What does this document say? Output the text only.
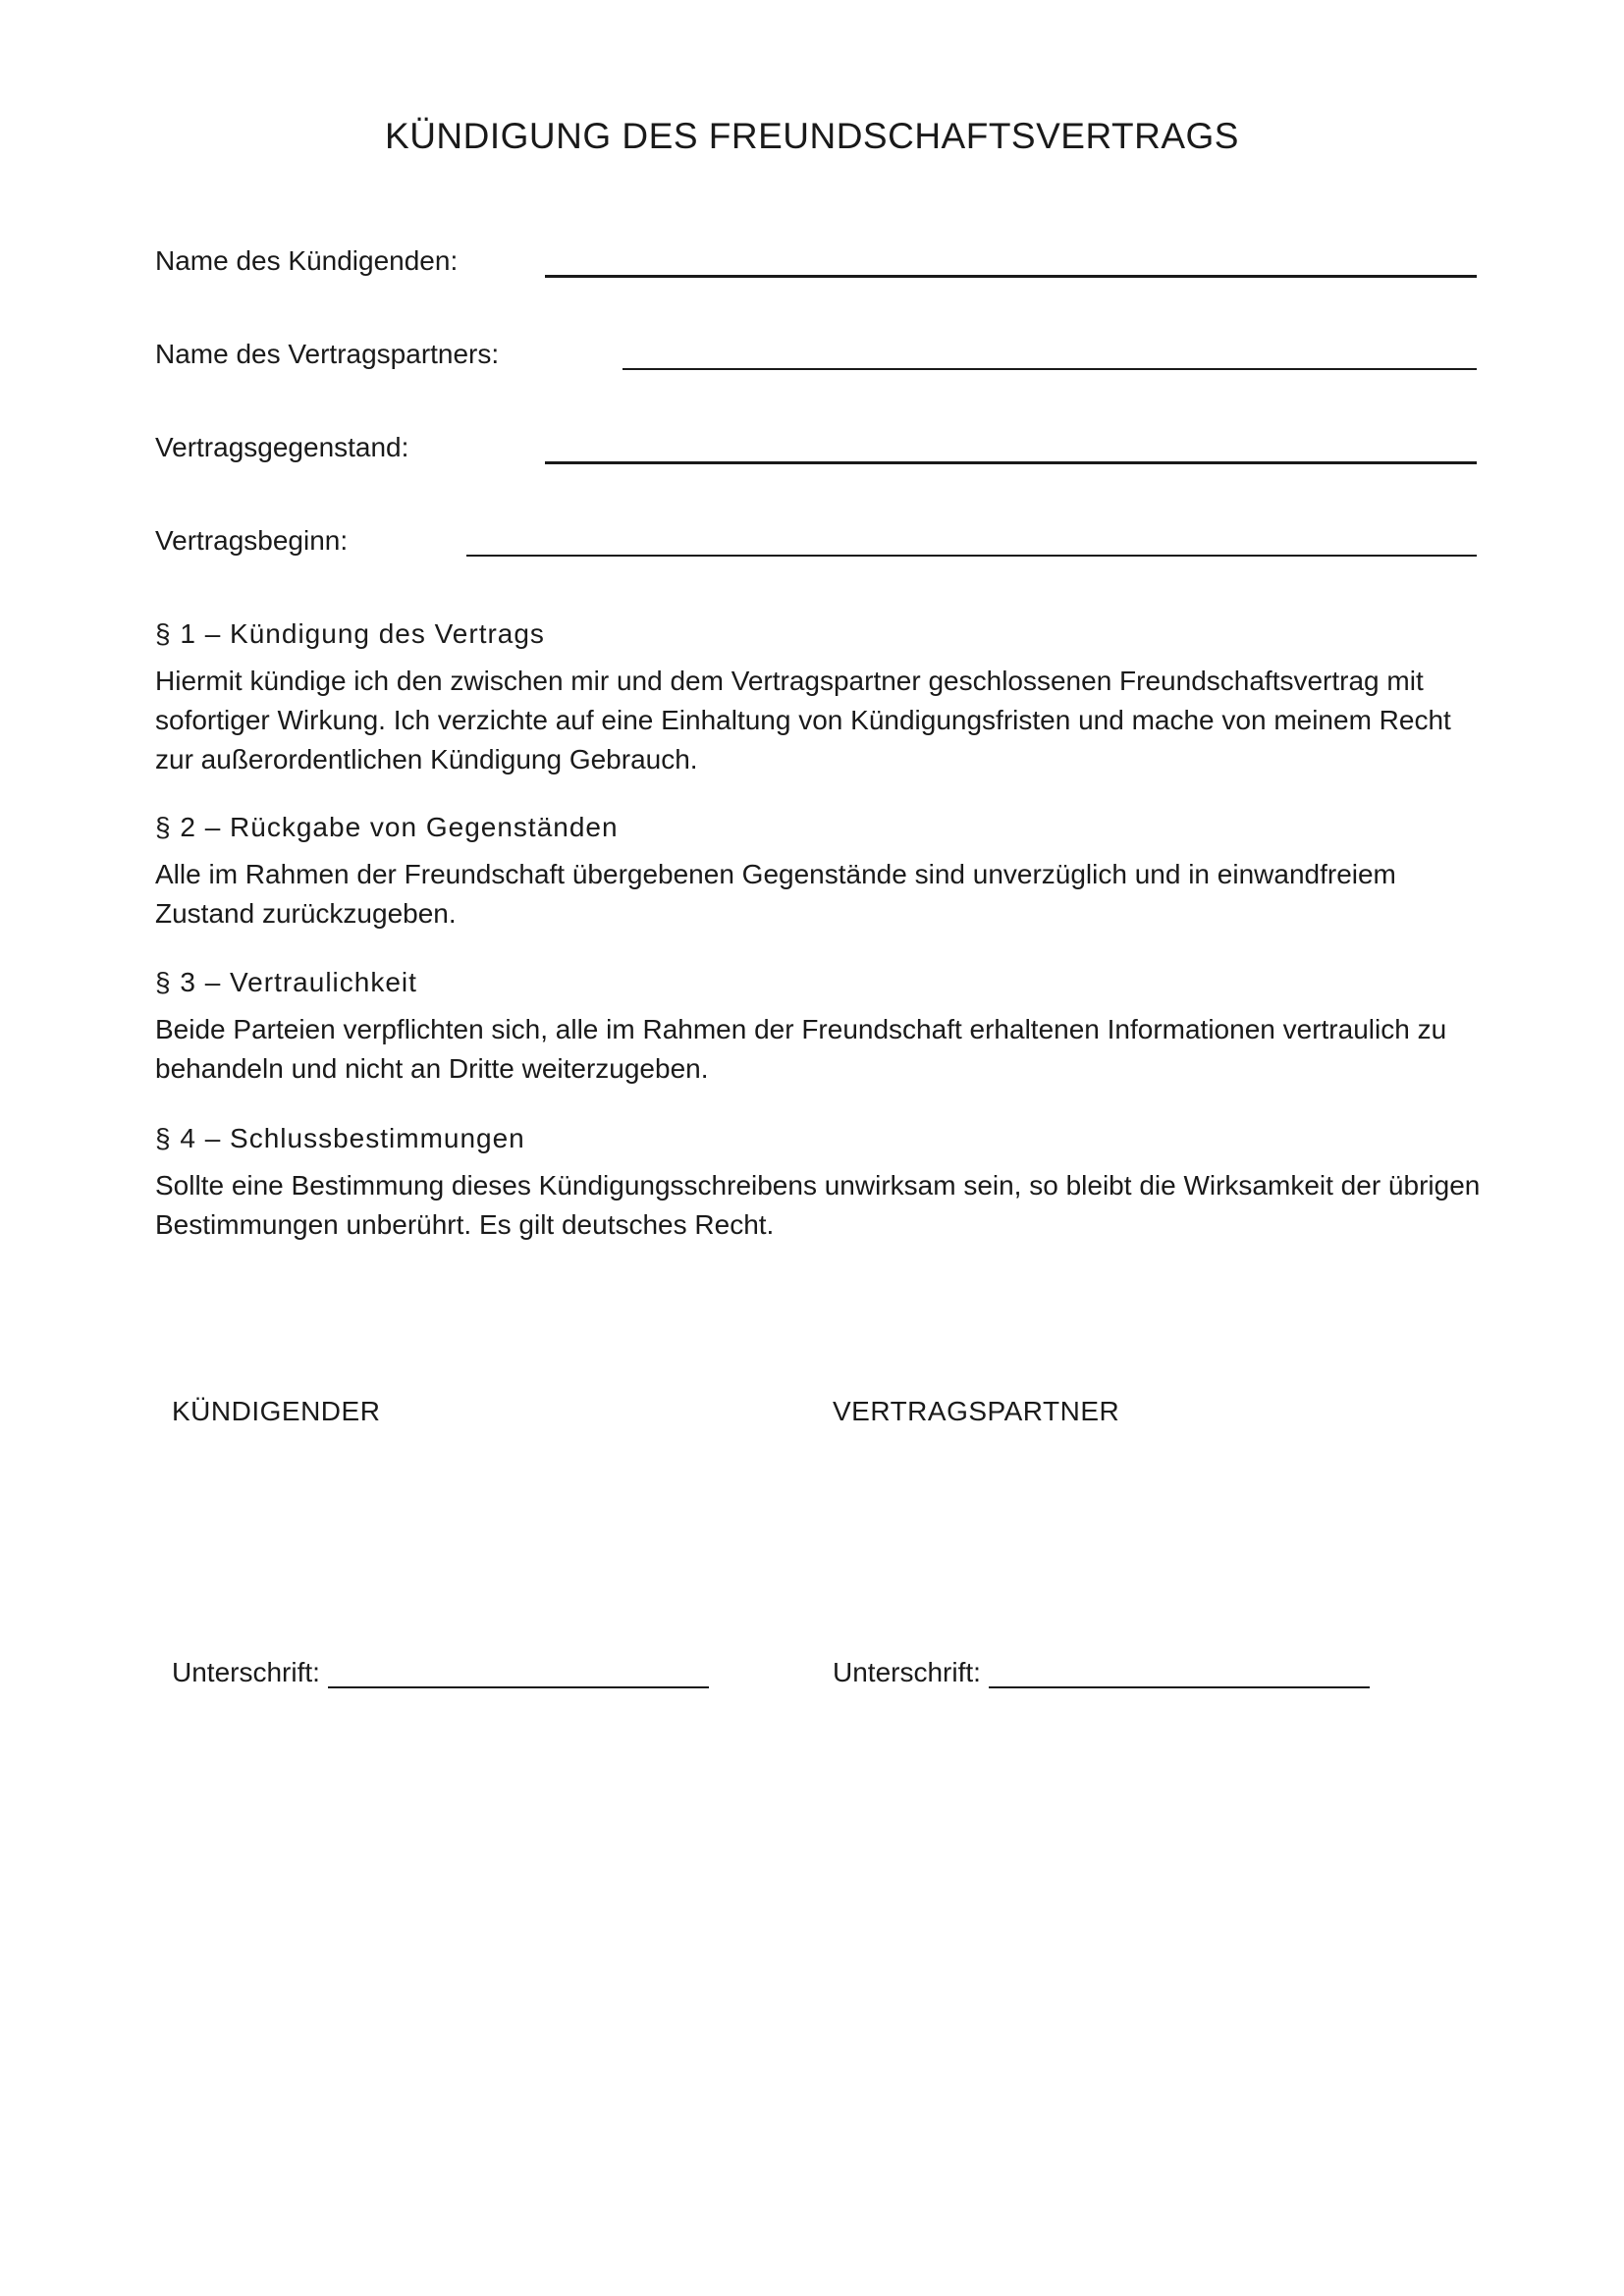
KÜNDIGUNG DES FREUNDSCHAFTSVERTRAGS
Name des Kündigenden:
Name des Vertragspartners:
Vertragsgegenstand:
Vertragsbeginn:
§ 1 – Kündigung des Vertrags

Hiermit kündige ich den zwischen mir und dem Vertragspartner geschlossenen Freundschaftsvertrag mit sofortiger Wirkung. Ich verzichte auf eine Einhaltung von Kündigungsfristen und mache von meinem Recht zur außerordentlichen Kündigung Gebrauch.

§ 2 – Rückgabe von Gegenständen

Alle im Rahmen der Freundschaft übergebenen Gegenstände sind unverzüglich und in einwandfreiem Zustand zurückzugeben.

§ 3 – Vertraulichkeit

Beide Parteien verpflichten sich, alle im Rahmen der Freundschaft erhaltenen Informationen vertraulich zu behandeln und nicht an Dritte weiterzugeben.

§ 4 – Schlussbestimmungen

Sollte eine Bestimmung dieses Kündigungsschreibens unwirksam sein, so bleibt die Wirksamkeit der übrigen Bestimmungen unberührt. Es gilt deutsches Recht.

KÜNDIGENDER

Unterschrift:

VERTRAGSPARTNER

Unterschrift:
